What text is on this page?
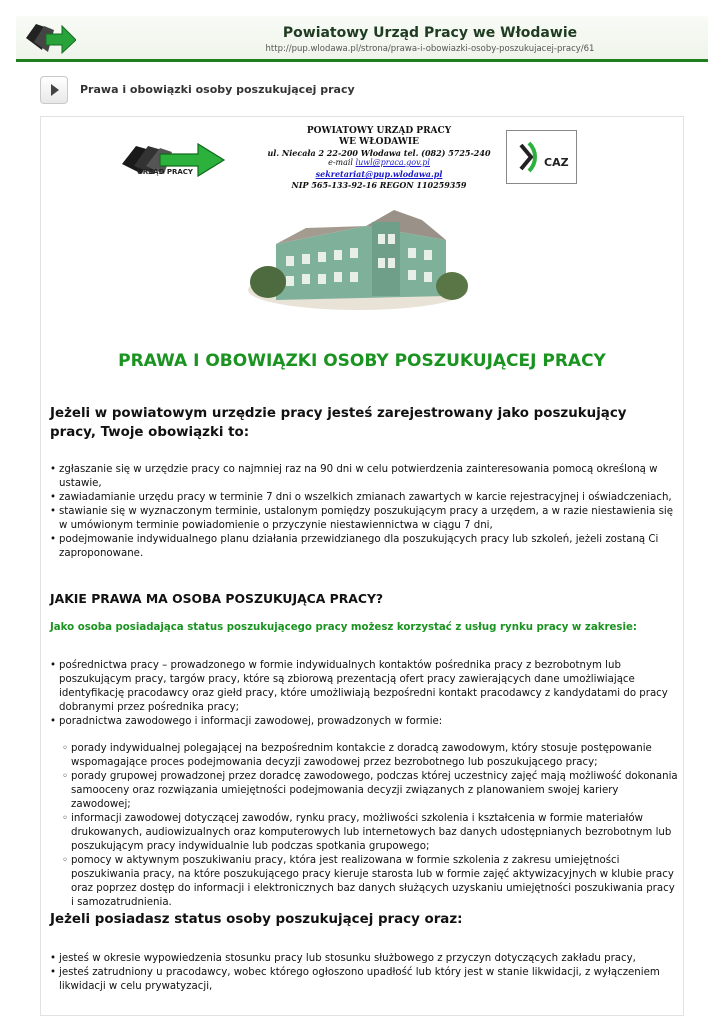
Powiatowy Urząd Pracy we Włodawie
http://pup.wlodawa.pl/strona/prawa-i-obowiazki-osoby-poszukujacej-pracy/61
Prawa i obowiązki osoby poszukującej pracy
URZĄD PRACY
POWIATOWY URZĄD PRACY
WE WŁODAWIE
ul. Niecała 2 22-200 Włodawa tel. (082) 5725-240
e-mail luwl@praca.gov.pl
sekretariat@pup.wlodawa.pl
NIP 565-133-92-16 REGON 110259359
CAZ
PRAWA I OBOWIĄZKI OSOBY POSZUKUJĄCEJ PRACY
Jeżeli w powiatowym urzędzie pracy jesteś zarejestrowany jako poszukujący pracy, Twoje obowiązki to:
• zgłaszanie się w urzędzie pracy co najmniej raz na 90 dni w celu potwierdzenia zainteresowania pomocą określoną w ustawie,
• zawiadamianie urzędu pracy w terminie 7 dni o wszelkich zmianach zawartych w karcie rejestracyjnej i oświadczeniach,
• stawianie się w wyznaczonym terminie, ustalonym pomiędzy poszukującym pracy a urzędem, a w razie niestawienia się w umówionym terminie powiadomienie o przyczynie niestawiennictwa w ciągu 7 dni,
• podejmowanie indywidualnego planu działania przewidzianego dla poszukujących pracy lub szkoleń, jeżeli zostaną Ci zaproponowane.
JAKIE PRAWA MA OSOBA POSZUKUJĄCA PRACY?

Jako osoba posiadająca status poszukującego pracy możesz korzystać z usług rynku pracy w zakresie:

• pośrednictwa pracy – prowadzonego w formie indywidualnych kontaktów pośrednika pracy z bezrobotnym lub poszukującym pracy, targów pracy, które są zbiorową prezentacją ofert pracy zawierających dane umożliwiające identyfikację pracodawcy oraz giełd pracy, które umożliwiają bezpośredni kontakt pracodawcy z kandydatami do pracy dobranymi przez pośrednika pracy;
• poradnictwa zawodowego i informacji zawodowej, prowadzonych w formie:
◦ porady indywidualnej polegającej na bezpośrednim kontakcie z doradcą zawodowym, który stosuje postępowanie wspomagające proces podejmowania decyzji zawodowej przez bezrobotnego lub poszukującego pracy;
◦ porady grupowej prowadzonej przez doradcę zawodowego, podczas której uczestnicy zajęć mają możliwość dokonania samooceny oraz rozwiązania umiejętności podejmowania decyzji związanych z planowaniem swojej kariery zawodowej;
◦ informacji zawodowej dotyczącej zawodów, rynku pracy, możliwości szkolenia i kształcenia w formie materiałów drukowanych, audiowizualnych oraz komputerowych lub internetowych baz danych udostępnianych bezrobotnym lub poszukującym pracy indywidualnie lub podczas spotkania grupowego;
◦ pomocy w aktywnym poszukiwaniu pracy, która jest realizowana w formie szkolenia z zakresu umiejętności poszukiwania pracy, na które poszukującego pracy kieruje starosta lub w formie zajęć aktywizacyjnych w klubie pracy oraz poprzez dostęp do informacji i elektronicznych baz danych służących uzyskaniu umiejętności poszukiwania pracy i samozatrudnienia.
Jeżeli posiadasz status osoby poszukującej pracy oraz:
• jesteś w okresie wypowiedzenia stosunku pracy lub stosunku służbowego z przyczyn dotyczących zakładu pracy,
• jesteś zatrudniony u pracodawcy, wobec którego ogłoszono upadłość lub który jest w stanie likwidacji, z wyłączeniem likwidacji w celu prywatyzacji,
